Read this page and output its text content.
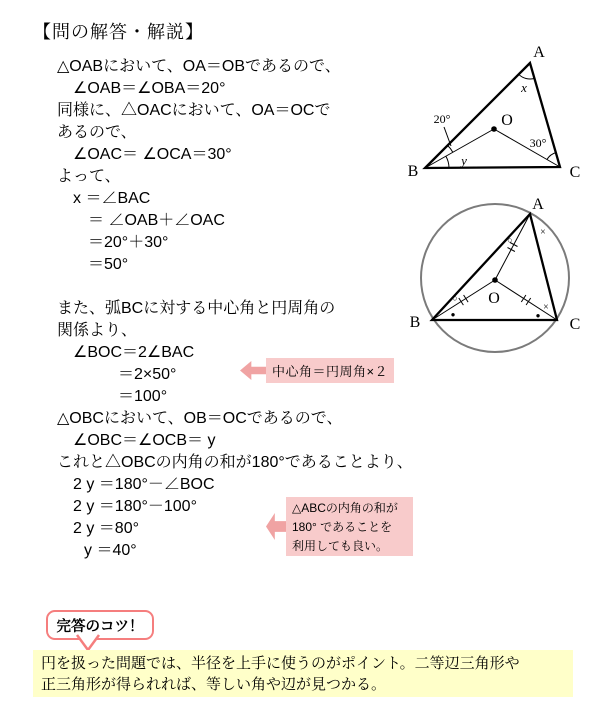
【問の解答・解説】
△OABにおいて、OA＝OBであるので、
∠OAB＝∠OBA＝20°
同様に、△OACにおいて、OA＝OCで
あるので、
∠OAC＝ ∠OCA＝30°
よって、
x ＝∠BAC
＝ ∠OAB＋∠OAC
＝20°＋30°
＝50°
また、弧BCに対する中心角と円周角の
関係より、
∠BOC＝2∠BAC
＝2×50°
＝100°
△OBCにおいて、OB＝OCであるので、
∠OBC＝∠OCB＝ y
これと△OBCの内角の和が180°であることより、
2 y ＝180°－∠BOC
2 y ＝180°－100°
2 y ＝80°
y ＝40°
中心角＝円周角×２
△ABCの内角の和が
180° であることを
利用しても良い。
A
B	C
O
x
y
20°
30°
○
×
○
●
×
●
A
B	C
O
完答のコツ！
円を扱った問題では、半径を上手に使うのがポイント。二等辺三角形や
正三角形が得られれば、等しい角や辺が見つかる。
